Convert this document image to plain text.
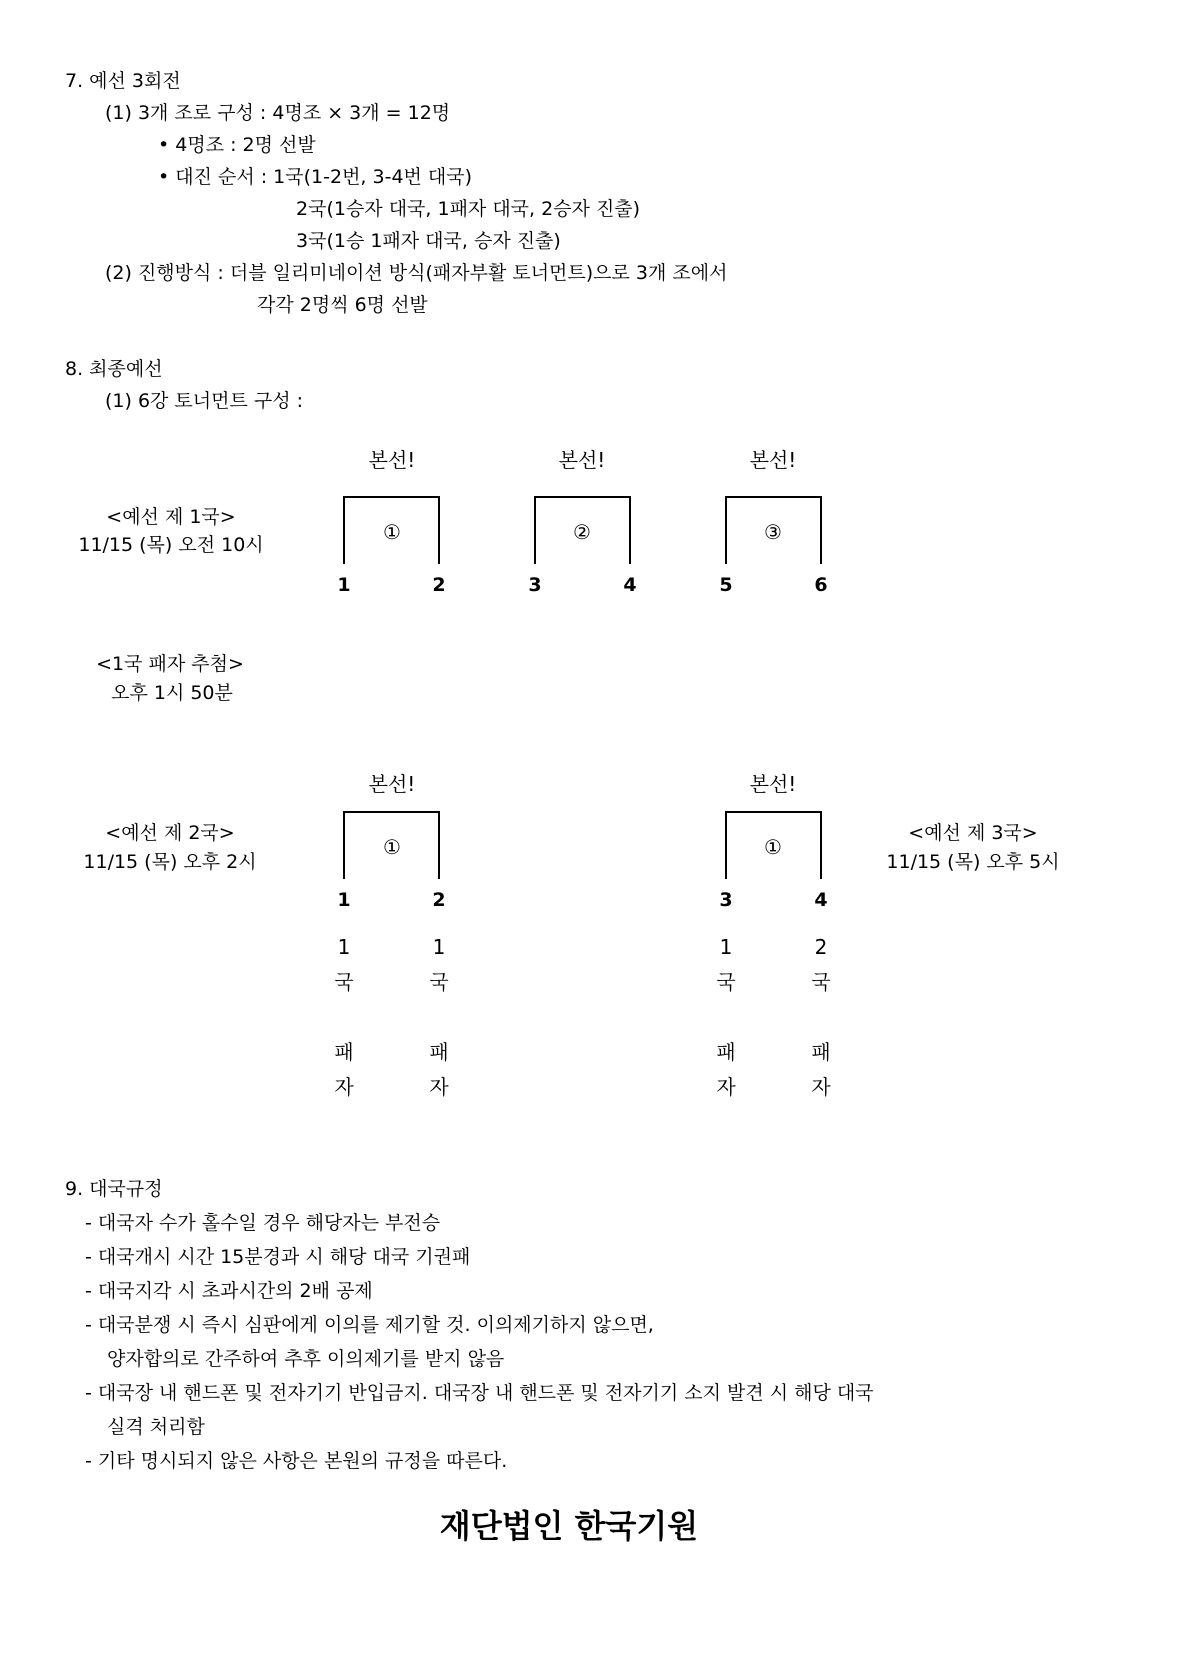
7. 예선 3회전
(1) 3개 조로 구성 : 4명조 × 3개 = 12명
• 4명조 : 2명 선발
• 대진 순서 : 1국(1-2번, 3-4번 대국)
2국(1승자 대국, 1패자 대국, 2승자 진출)
3국(1승 1패자 대국, 승자 진출)
(2) 진행방식 : 더블 일리미네이션 방식(패자부활 토너먼트)으로 3개 조에서
각각 2명씩 6명 선발
8. 최종예선
(1) 6강 토너먼트 구성 :
본선!	본선!	본선!
<예선 제 1국>
11/15 (목) 오전 10시
①	②	③
1	2	3	4	5	6
<1국 패자 추첨>
오후 1시 50분
본선!
<예선 제 2국>
11/15 (목) 오후 2시
①
1	2
1
국
패
자
1
국
패
자
본선!
<예선 제 3국>
11/15 (목) 오후 5시
①
3	4
1
국
패
자
2
국
패
자
9. 대국규정
- 대국자 수가 홀수일 경우 해당자는 부전승
- 대국개시 시간 15분경과 시 해당 대국 기권패
- 대국지각 시 초과시간의 2배 공제
- 대국분쟁 시 즉시 심판에게 이의를 제기할 것. 이의제기하지 않으면,
양자합의로 간주하여 추후 이의제기를 받지 않음
- 대국장 내 핸드폰 및 전자기기 반입금지. 대국장 내 핸드폰 및 전자기기 소지 발견 시 해당 대국
실격 처리함
- 기타 명시되지 않은 사항은 본원의 규정을 따른다.
재단법인 한국기원
